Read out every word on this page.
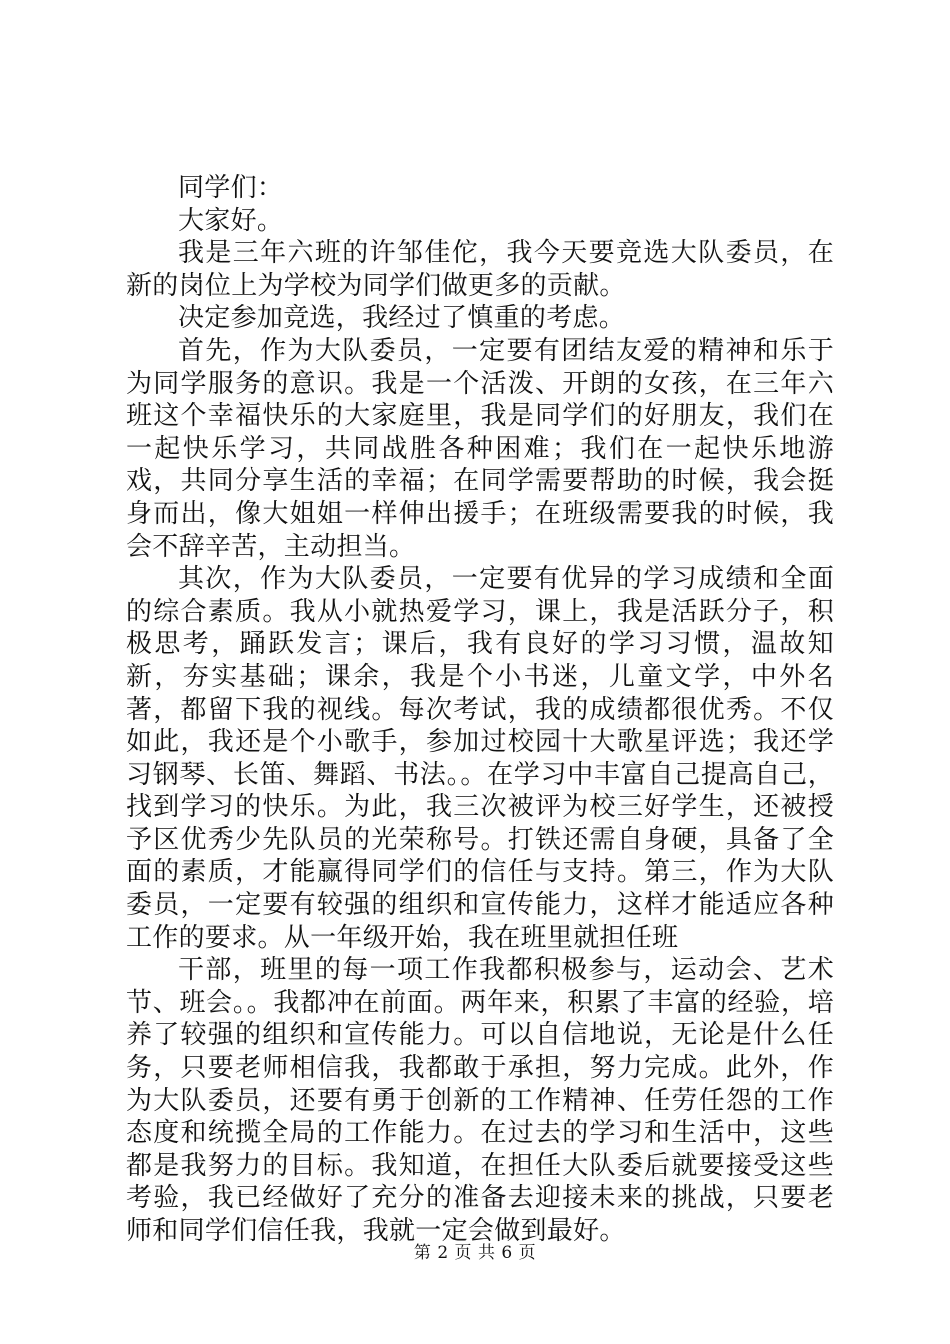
同学们：

大家好。

我是三年六班的许邹佳佗，我今天要竞选大队委员，在新的岗位上为学校为同学们做更多的贡献。

决定参加竞选，我经过了慎重的考虑。

首先，作为大队委员，一定要有团结友爱的精神和乐于为同学服务的意识。我是一个活泼、开朗的女孩，在三年六班这个幸福快乐的大家庭里，我是同学们的好朋友，我们在一起快乐学习，共同战胜各种困难；我们在一起快乐地游戏，共同分享生活的幸福；在同学需要帮助的时候，我会挺身而出，像大姐姐一样伸出援手；在班级需要我的时候，我会不辞辛苦，主动担当。

其次，作为大队委员，一定要有优异的学习成绩和全面的综合素质。我从小就热爱学习，课上，我是活跃分子，积极思考，踊跃发言；课后，我有良好的学习习惯，温故知新，夯实基础；课余，我是个小书迷，儿童文学，中外名著，都留下我的视线。每次考试，我的成绩都很优秀。不仅如此，我还是个小歌手，参加过校园十大歌星评选；我还学习钢琴、长笛、舞蹈、书法。。在学习中丰富自己提高自己，找到学习的快乐。为此，我三次被评为校三好学生，还被授予区优秀少先队员的光荣称号。打铁还需自身硬，具备了全面的素质，才能赢得同学们的信任与支持。第三，作为大队委员，一定要有较强的组织和宣传能力，这样才能适应各种工作的要求。从一年级开始，我在班里就担任班

干部，班里的每一项工作我都积极参与，运动会、艺术节、班会。。我都冲在前面。两年来，积累了丰富的经验，培养了较强的组织和宣传能力。可以自信地说，无论是什么任务，只要老师相信我，我都敢于承担，努力完成。此外，作为大队委员，还要有勇于创新的工作精神、任劳任怨的工作态度和统揽全局的工作能力。在过去的学习和生活中，这些都是我努力的目标。我知道，在担任大队委后就要接受这些考验，我已经做好了充分的准备去迎接未来的挑战，只要老师和同学们信任我，我就一定会做到最好。

第 2 页 共 6 页
